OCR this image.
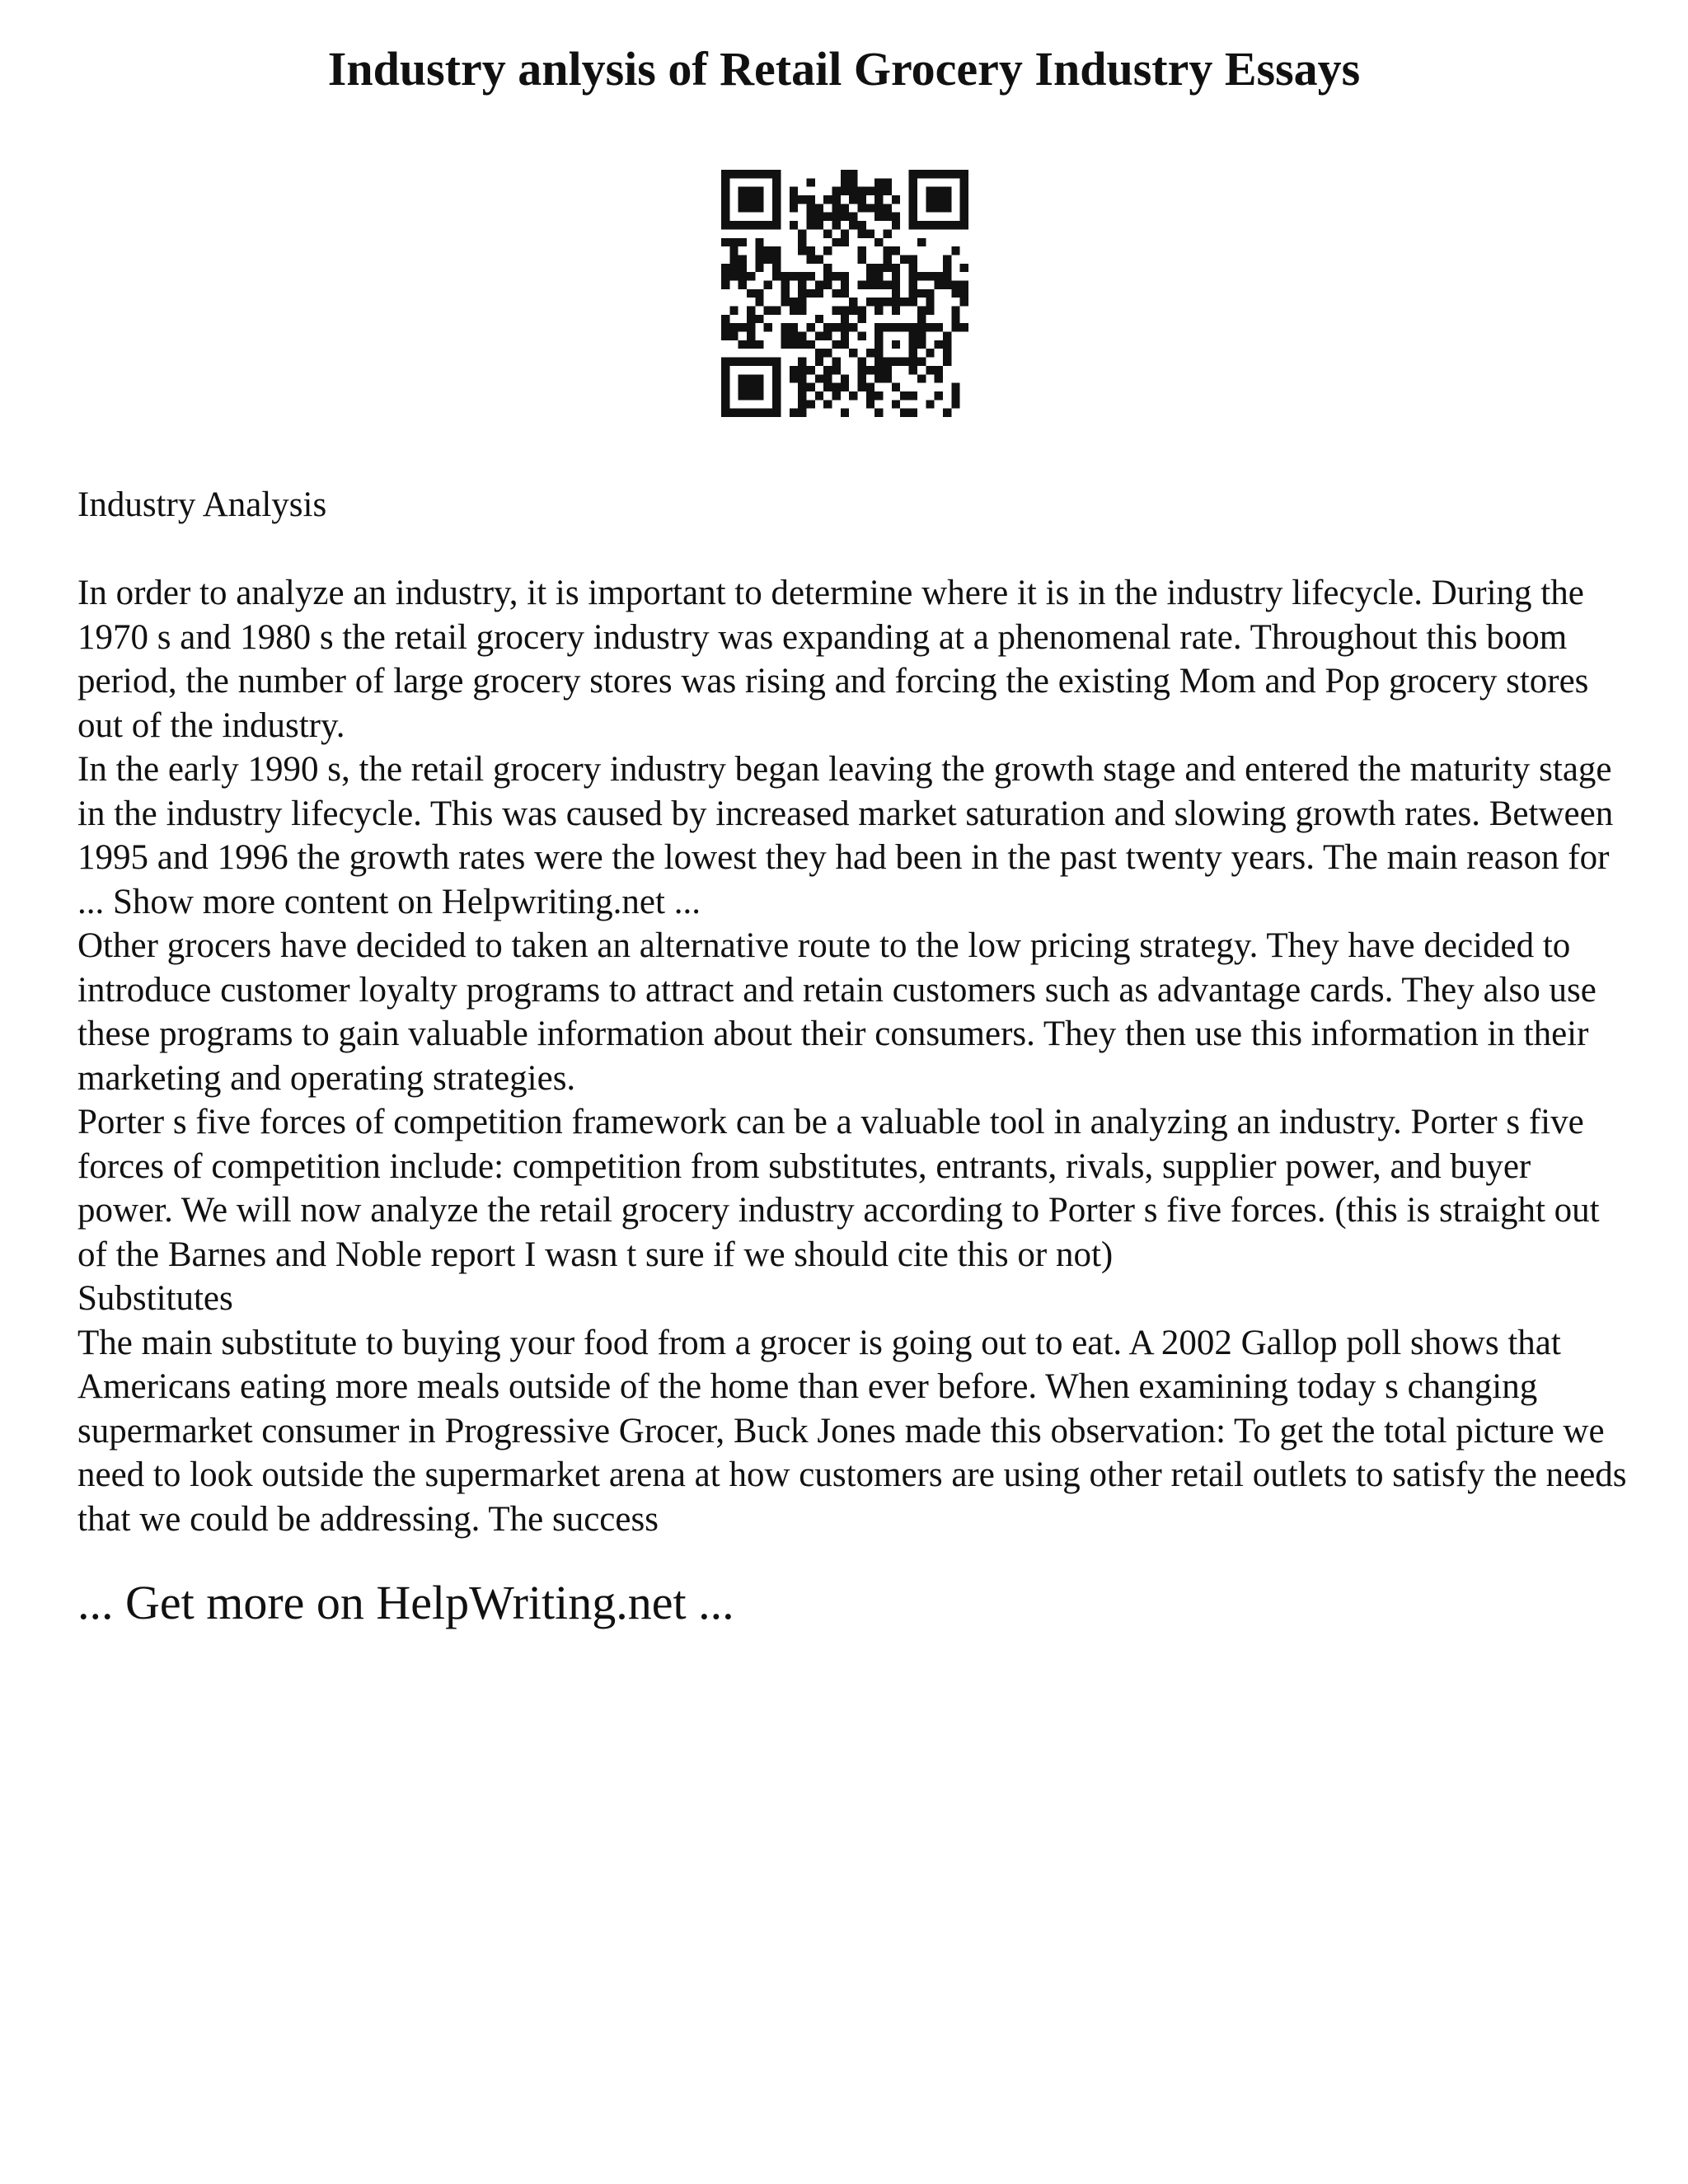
Industry anlysis of Retail Grocery Industry Essays

Industry Analysis

In order to analyze an industry, it is important to determine where it is in the industry lifecycle. During the 1970 s and 1980 s the retail grocery industry was expanding at a phenomenal rate. Throughout this boom period, the number of large grocery stores was rising and forcing the existing Mom and Pop grocery stores out of the industry.

In the early 1990 s, the retail grocery industry began leaving the growth stage and entered the maturity stage in the industry lifecycle. This was caused by increased market saturation and slowing growth rates. Between 1995 and 1996 the growth rates were the lowest they had been in the past twenty years. The main reason for ... Show more content on Helpwriting.net ...

Other grocers have decided to taken an alternative route to the low pricing strategy. They have decided to introduce customer loyalty programs to attract and retain customers such as advantage cards. They also use these programs to gain valuable information about their consumers. They then use this information in their marketing and operating strategies.

Porter s five forces of competition framework can be a valuable tool in analyzing an industry. Porter s five forces of competition include: competition from substitutes, entrants, rivals, supplier power, and buyer power. We will now analyze the retail grocery industry according to Porter s five forces. (this is straight out of the Barnes and Noble report I wasn t sure if we should cite this or not)

Substitutes

The main substitute to buying your food from a grocer is going out to eat. A 2002 Gallop poll shows that Americans eating more meals outside of the home than ever before. When examining today s changing supermarket consumer in Progressive Grocer, Buck Jones made this observation: To get the total picture we need to look outside the supermarket arena at how customers are using other retail outlets to satisfy the needs that we could be addressing. The success

... Get more on HelpWriting.net ...
